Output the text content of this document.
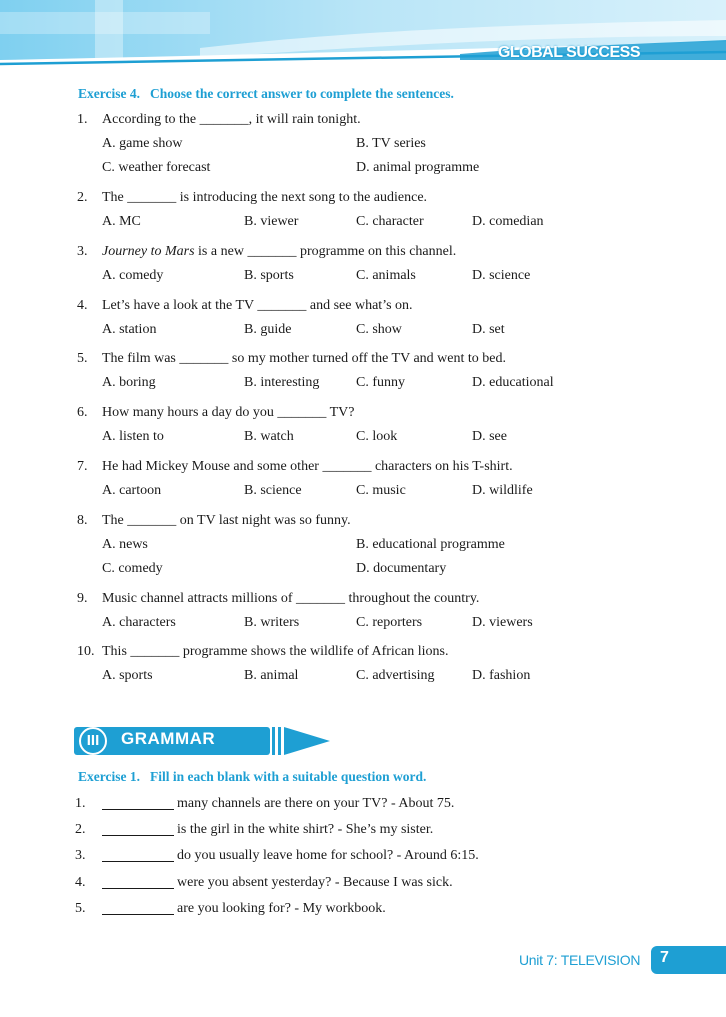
GLOBAL SUCCESS
Exercise 4. Choose the correct answer to complete the sentences.
1. According to the _______, it will rain tonight.
A. game show	B. TV series
C. weather forecast	D. animal programme
2. The _______ is introducing the next song to the audience.
A. MC	B. viewer	C. character	D. comedian
3. Journey to Mars is a new _______ programme on this channel.
A. comedy	B. sports	C. animals	D. science
4. Let’s have a look at the TV _______ and see what’s on.
A. station	B. guide	C. show	D. set
5. The film was _______ so my mother turned off the TV and went to bed.
A. boring	B. interesting	C. funny	D. educational
6. How many hours a day do you _______ TV?
A. listen to	B. watch	C. look	D. see
7. He had Mickey Mouse and some other _______ characters on his T-shirt.
A. cartoon	B. science	C. music	D. wildlife
8. The _______ on TV last night was so funny.
A. news	B. educational programme
C. comedy	D. documentary
9. Music channel attracts millions of _______ throughout the country.
A. characters	B. writers	C. reporters	D. viewers
10. This _______ programme shows the wildlife of African lions.
A. sports	B. animal	C. advertising	D. fashion
III	GRAMMAR
Exercise 1. Fill in each blank with a suitable question word.
1.	many channels are there on your TV? - About 75.
2.	is the girl in the white shirt? - She’s my sister.
3.	do you usually leave home for school? - Around 6:15.
4.	were you absent yesterday? - Because I was sick.
5.	are you looking for? - My workbook.
Unit 7: TELEVISION 7
